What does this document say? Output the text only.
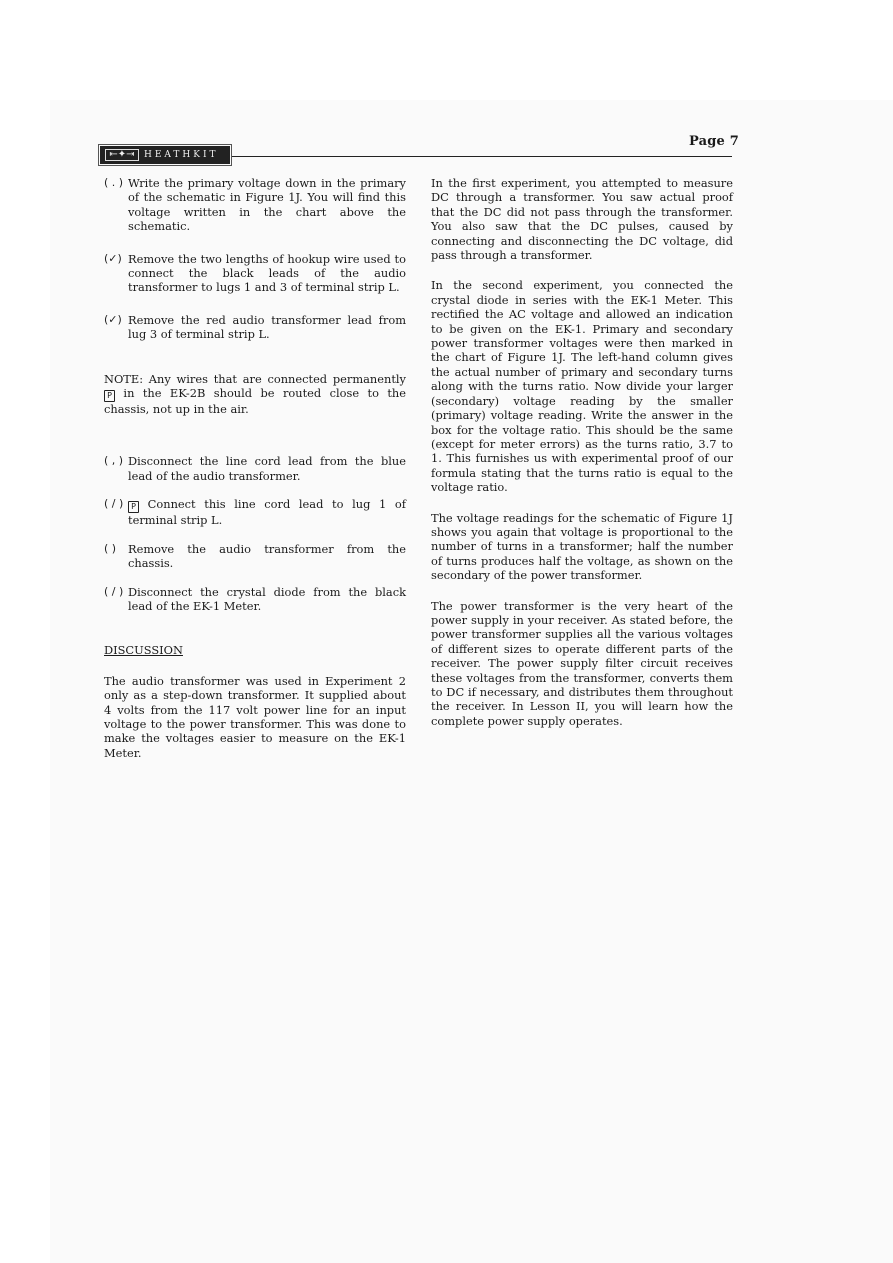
⇤✦⇥	HEATHKIT
Page 7
( . ) Write the primary voltage down in the primary of the schematic in Figure 1J. You will find this voltage written in the chart above the schematic.
(✓) Remove the two lengths of hookup wire used to connect the black leads of the audio transformer to lugs 1 and 3 of terminal strip L.
(✓) Remove the red audio transformer lead from lug 3 of terminal strip L.

NOTE: Any wires that are connected permanently P in the EK-2B should be routed close to the chassis, not up in the air.

( , ) Disconnect the line cord lead from the blue lead of the audio transformer.
( / ) P Connect this line cord lead to lug 1 of terminal strip L.
( )	Remove the audio transformer from the chassis.
( / ) Disconnect the crystal diode from the black lead of the EK-1 Meter.
DISCUSSION

The audio transformer was used in Experiment 2 only as a step-down transformer. It supplied about 4 volts from the 117 volt power line for an input voltage to the power transformer. This was done to make the voltages easier to measure on the EK-1 Meter.

In the first experiment, you attempted to measure DC through a transformer. You saw actual proof that the DC did not pass through the transformer. You also saw that the DC pulses, caused by connecting and disconnecting the DC voltage, did pass through a transformer.

In the second experiment, you connected the crystal diode in series with the EK-1 Meter. This rectified the AC voltage and allowed an indication to be given on the EK-1. Primary and secondary power transformer voltages were then marked in the chart of Figure 1J. The left-hand column gives the actual number of primary and secondary turns along with the turns ratio. Now divide your larger (secondary) voltage reading by the smaller (primary) voltage reading. Write the answer in the box for the voltage ratio. This should be the same (except for meter errors) as the turns ratio, 3.7 to 1. This furnishes us with experimental proof of our formula stating that the turns ratio is equal to the voltage ratio.

The voltage readings for the schematic of Figure 1J shows you again that voltage is proportional to the number of turns in a transformer; half the number of turns produces half the voltage, as shown on the secondary of the power transformer.

The power transformer is the very heart of the power supply in your receiver. As stated before, the power transformer supplies all the various voltages of different sizes to operate different parts of the receiver. The power supply filter circuit receives these voltages from the transformer, converts them to DC if necessary, and distributes them throughout the receiver. In Lesson II, you will learn how the complete power supply operates.
